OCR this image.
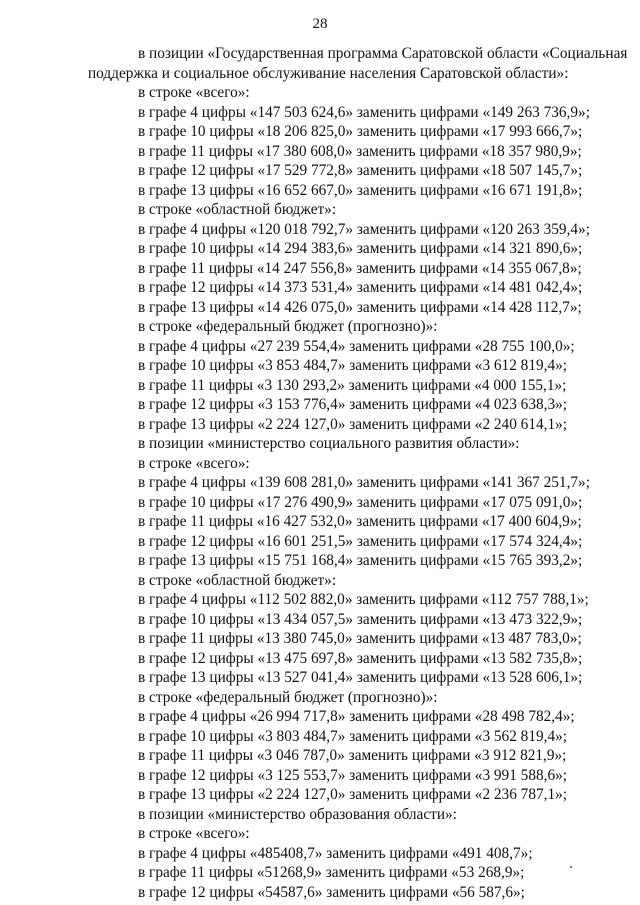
28
в позиции «Государственная программа Саратовской области «Социальная
поддержка и социальное обслуживание населения Саратовской области»:
в строке «всего»:
в графе 4 цифры «147 503 624,6» заменить цифрами «149 263 736,9»;
в графе 10 цифры «18 206 825,0» заменить цифрами «17 993 666,7»;
в графе 11 цифры «17 380 608,0» заменить цифрами «18 357 980,9»;
в графе 12 цифры «17 529 772,8» заменить цифрами «18 507 145,7»;
в графе 13 цифры «16 652 667,0» заменить цифрами «16 671 191,8»;
в строке «областной бюджет»:
в графе 4 цифры «120 018 792,7» заменить цифрами «120 263 359,4»;
в графе 10 цифры «14 294 383,6» заменить цифрами «14 321 890,6»;
в графе 11 цифры «14 247 556,8» заменить цифрами «14 355 067,8»;
в графе 12 цифры «14 373 531,4» заменить цифрами «14 481 042,4»;
в графе 13 цифры «14 426 075,0» заменить цифрами «14 428 112,7»;
в строке «федеральный бюджет (прогнозно)»:
в графе 4 цифры «27 239 554,4» заменить цифрами «28 755 100,0»;
в графе 10 цифры «3 853 484,7» заменить цифрами «3 612 819,4»;
в графе 11 цифры «3 130 293,2» заменить цифрами «4 000 155,1»;
в графе 12 цифры «3 153 776,4» заменить цифрами «4 023 638,3»;
в графе 13 цифры «2 224 127,0» заменить цифрами «2 240 614,1»;
в позиции «министерство социального развития области»:
в строке «всего»:
в графе 4 цифры «139 608 281,0» заменить цифрами «141 367 251,7»;
в графе 10 цифры «17 276 490,9» заменить цифрами «17 075 091,0»;
в графе 11 цифры «16 427 532,0» заменить цифрами «17 400 604,9»;
в графе 12 цифры «16 601 251,5» заменить цифрами «17 574 324,4»;
в графе 13 цифры «15 751 168,4» заменить цифрами «15 765 393,2»;
в строке «областной бюджет»:
в графе 4 цифры «112 502 882,0» заменить цифрами «112 757 788,1»;
в графе 10 цифры «13 434 057,5» заменить цифрами «13 473 322,9»;
в графе 11 цифры «13 380 745,0» заменить цифрами «13 487 783,0»;
в графе 12 цифры «13 475 697,8» заменить цифрами «13 582 735,8»;
в графе 13 цифры «13 527 041,4» заменить цифрами «13 528 606,1»;
в строке «федеральный бюджет (прогнозно)»:
в графе 4 цифры «26 994 717,8» заменить цифрами «28 498 782,4»;
в графе 10 цифры «3 803 484,7» заменить цифрами «3 562 819,4»;
в графе 11 цифры «3 046 787,0» заменить цифрами «3 912 821,9»;
в графе 12 цифры «3 125 553,7» заменить цифрами «3 991 588,6»;
в графе 13 цифры «2 224 127,0» заменить цифрами «2 236 787,1»;
в позиции «министерство образования области»:
в строке «всего»:
в графе 4 цифры «485408,7» заменить цифрами «491 408,7»;
в графе 11 цифры «51268,9» заменить цифрами «53 268,9»;
в графе 12 цифры «54587,6» заменить цифрами «56 587,6»;
